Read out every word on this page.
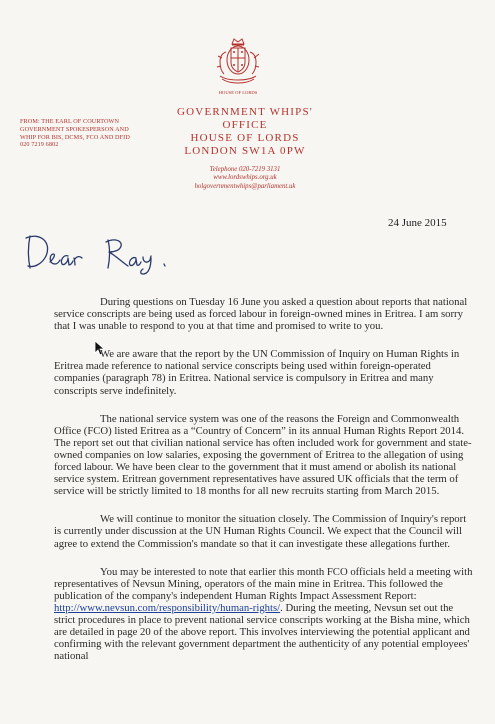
HOUSE OF LORDS
FROM: THE EARL OF COURTOWN
GOVERNMENT SPOKESPERSON AND
WHIP FOR BIS, DCMS, FCO AND DFID
020 7219 6802
GOVERNMENT WHIPS' OFFICE
HOUSE OF LORDS
LONDON SW1A 0PW
Telephone 020-7219 3131
www.lordswhips.org.uk
holgovernmentwhips@parliament.uk
24 June 2015

During questions on Tuesday 16 June you asked a question about reports that national service conscripts are being used as forced labour in foreign-owned mines in Eritrea. I am sorry that I was unable to respond to you at that time and promised to write to you.

We are aware that the report by the UN Commission of Inquiry on Human Rights in Eritrea made reference to national service conscripts being used within foreign-operated companies (paragraph 78) in Eritrea. National service is compulsory in Eritrea and many conscripts serve indefinitely.

The national service system was one of the reasons the Foreign and Commonwealth Office (FCO) listed Eritrea as a “Country of Concern” in its annual Human Rights Report 2014. The report set out that civilian national service has often included work for government and state-owned companies on low salaries, exposing the government of Eritrea to the allegation of using forced labour. We have been clear to the government that it must amend or abolish its national service system. Eritrean government representatives have assured UK officials that the term of service will be strictly limited to 18 months for all new recruits starting from March 2015.

We will continue to monitor the situation closely. The Commission of Inquiry's report is currently under discussion at the UN Human Rights Council. We expect that the Council will agree to extend the Commission's mandate so that it can investigate these allegations further.

You may be interested to note that earlier this month FCO officials held a meeting with representatives of Nevsun Mining, operators of the main mine in Eritrea. This followed the publication of the company's independent Human Rights Impact Assessment Report: http://www.nevsun.com/responsibility/human-rights/. During the meeting, Nevsun set out the strict procedures in place to prevent national service conscripts working at the Bisha mine, which are detailed in page 20 of the above report. This involves interviewing the potential applicant and confirming with the relevant government department the authenticity of any potential employees' national
